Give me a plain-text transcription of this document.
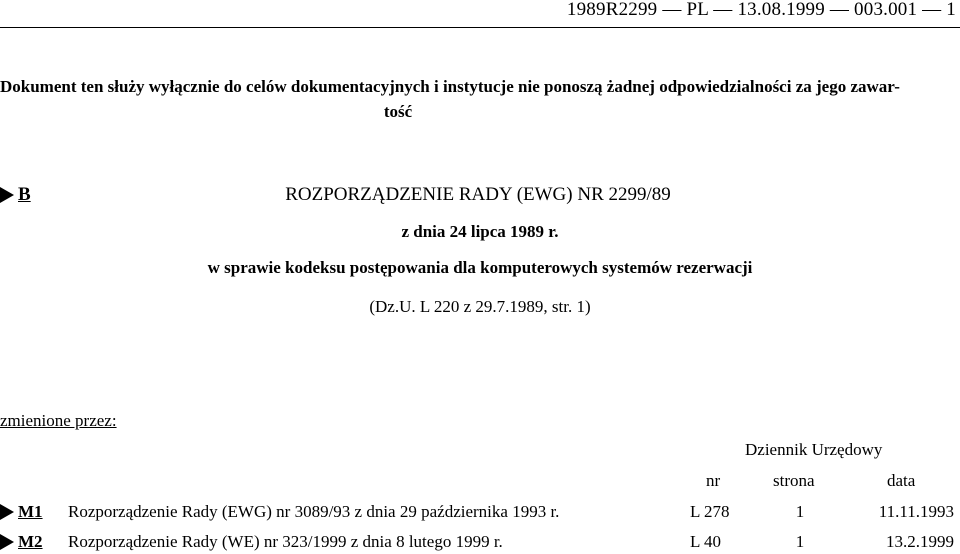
1989R2299 — PL — 13.08.1999 — 003.001 — 1
Dokument ten służy wyłącznie do celów dokumentacyjnych i instytucje nie ponoszą żadnej odpowiedzialności za jego zawar-
tość
B	ROZPORZĄDZENIE RADY (EWG) NR 2299/89
z dnia 24 lipca 1989 r.
w sprawie kodeksu postępowania dla komputerowych systemów rezerwacji
(Dz.U. L 220 z 29.7.1989, str. 1)
zmienione przez:
Dziennik Urzędowy
nr	strona	data
M1 Rozporządzenie Rady (EWG) nr 3089/93 z dnia 29 października 1993 r.	L 278	1	11.11.1993
M2 Rozporządzenie Rady (WE) nr 323/1999 z dnia 8 lutego 1999 r.	L 40	1	13.2.1999
